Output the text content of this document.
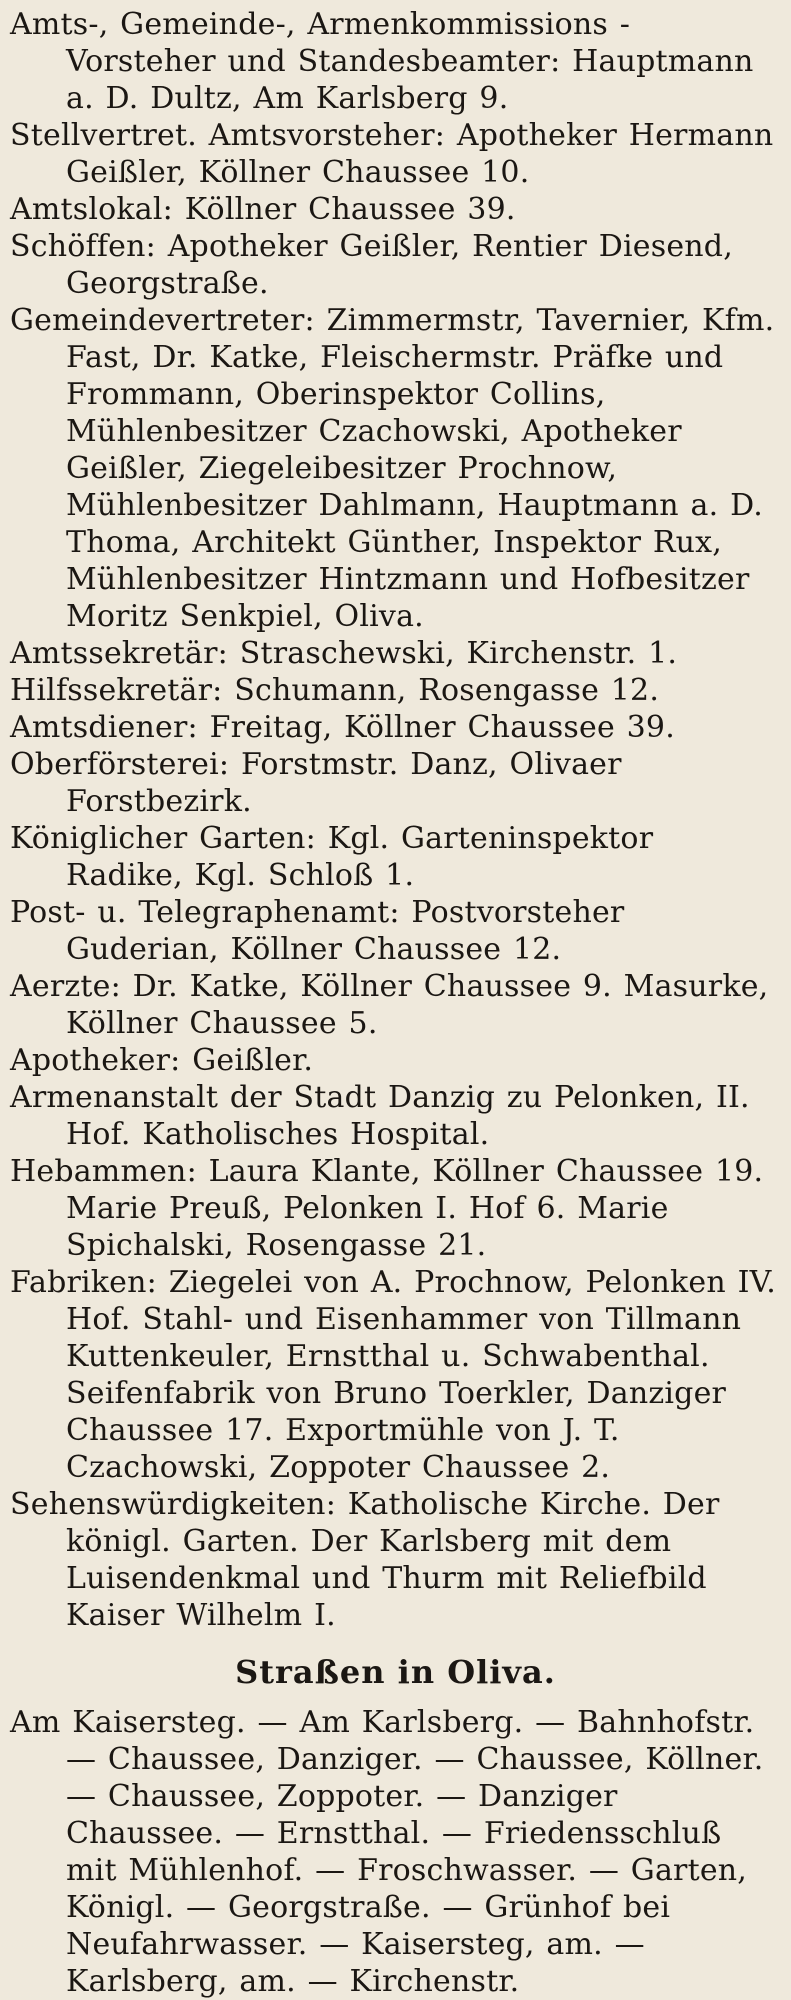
Amts-, Gemeinde-, Armenkommissions - Vorsteher und Standesbeamter: Hauptmann a. D. Dultz, Am Karlsberg 9.

Stellvertret. Amtsvorsteher: Apotheker Hermann Geißler, Köllner Chaussee 10.

Amtslokal: Köllner Chaussee 39.

Schöffen: Apotheker Geißler, Rentier Diesend, Georgstraße.

Gemeindevertreter: Zimmermstr, Tavernier, Kfm. Fast, Dr. Katke, Fleischermstr. Präfke und Frommann, Oberinspektor Collins, Mühlenbesitzer Czachowski, Apotheker Geißler, Ziegeleibesitzer Prochnow, Mühlenbesitzer Dahlmann, Hauptmann a. D. Thoma, Architekt Günther, Inspektor Rux, Mühlenbesitzer Hintzmann und Hofbesitzer Moritz Senkpiel, Oliva.

Amtssekretär: Straschewski, Kirchenstr. 1.

Hilfssekretär: Schumann, Rosengasse 12.

Amtsdiener: Freitag, Köllner Chaussee 39.

Oberförsterei: Forstmstr. Danz, Olivaer Forstbezirk.

Königlicher Garten: Kgl. Garteninspektor Radike, Kgl. Schloß 1.

Post- u. Telegraphenamt: Postvorsteher Guderian, Köllner Chaussee 12.

Aerzte: Dr. Katke, Köllner Chaussee 9. Masurke, Köllner Chaussee 5.

Apotheker: Geißler.

Armenanstalt der Stadt Danzig zu Pelonken, II. Hof. Katholisches Hospital.

Hebammen: Laura Klante, Köllner Chaussee 19. Marie Preuß, Pelonken I. Hof 6. Marie Spichalski, Rosengasse 21.

Fabriken: Ziegelei von A. Prochnow, Pelonken IV. Hof. Stahl- und Eisenhammer von Tillmann Kuttenkeuler, Ernstthal u. Schwabenthal. Seifenfabrik von Bruno Toerkler, Danziger Chaussee 17. Exportmühle von J. T. Czachowski, Zoppoter Chaussee 2.

Sehenswürdigkeiten: Katholische Kirche. Der königl. Garten. Der Karlsberg mit dem Luisendenkmal und Thurm mit Reliefbild Kaiser Wilhelm I.

Straßen in Oliva.

Am Kaisersteg. — Am Karlsberg. — Bahnhofstr. — Chaussee, Danziger. — Chaussee, Köllner. — Chaussee, Zoppoter. — Danziger Chaussee. — Ernstthal. — Friedensschluß mit Mühlenhof. — Froschwasser. — Garten, Königl. — Georgstraße. — Grünhof bei Neufahrwasser. — Kaisersteg, am. — Karlsberg, am. — Kirchenstr.
